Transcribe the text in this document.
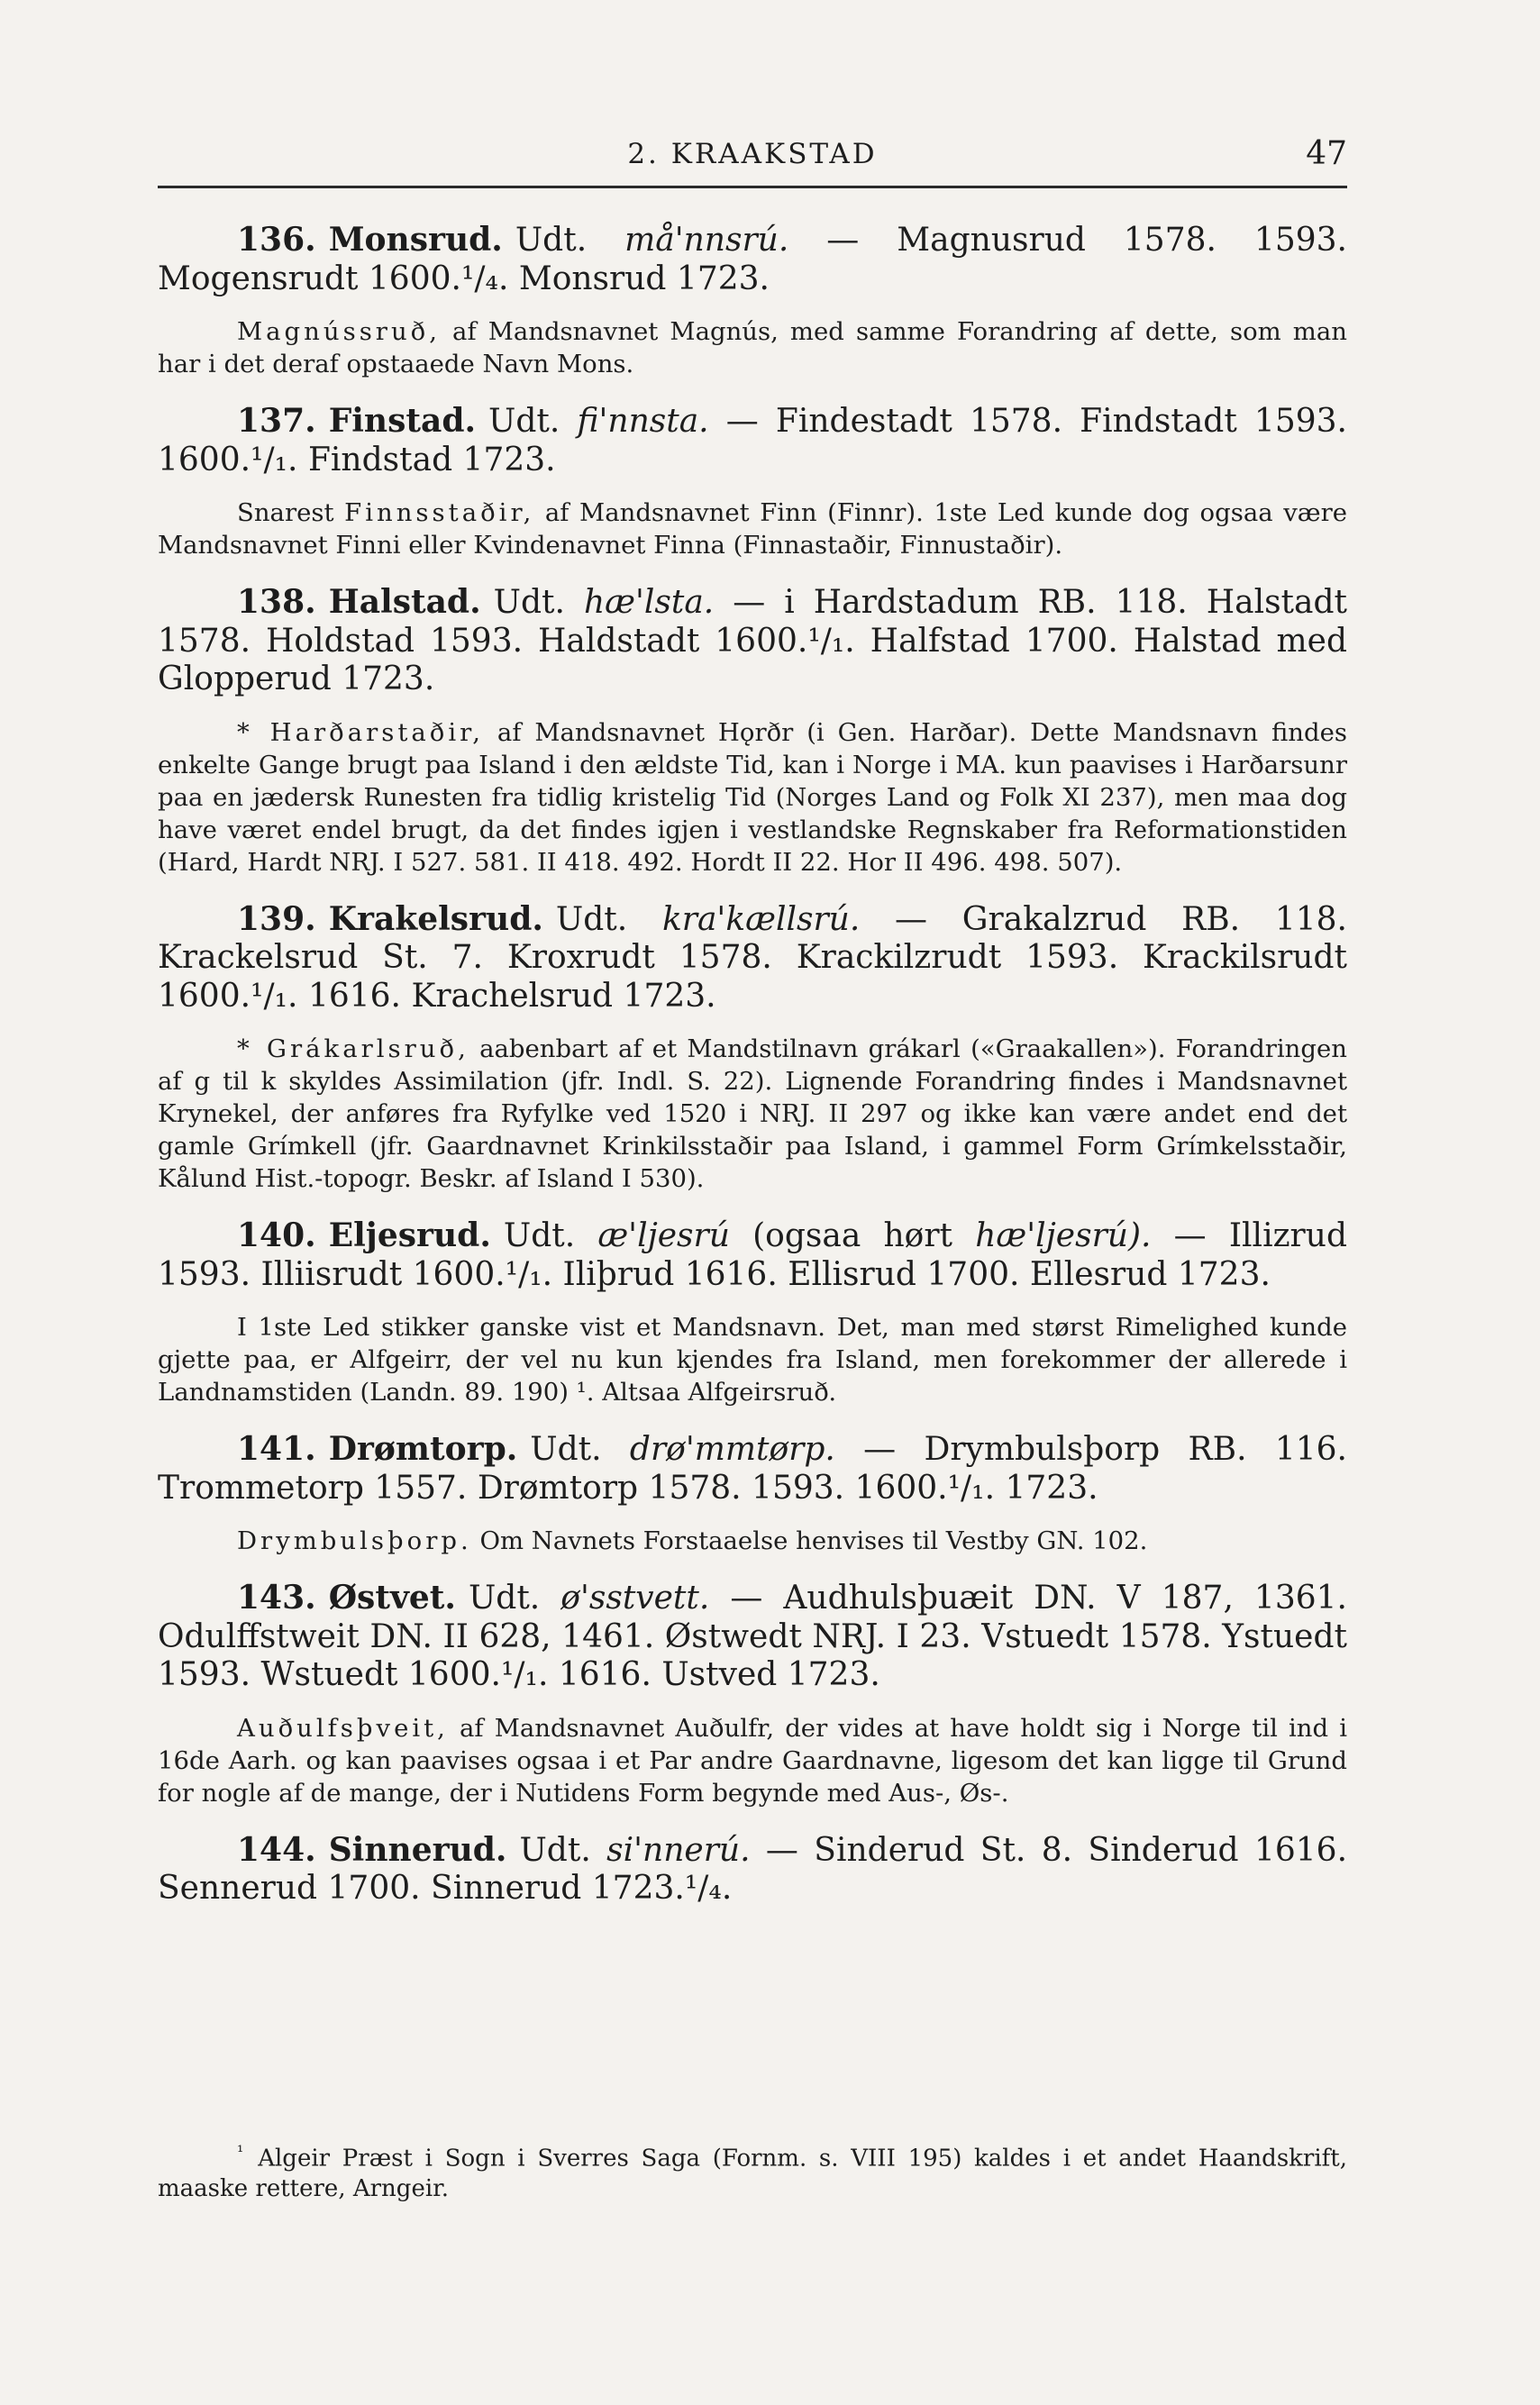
2. KRAAKSTAD	47

136. Monsrud. Udt. må'nnsrú. — Magnusrud 1578. 1593. Mogensrudt 1600.¹/₄. Monsrud 1723.

Magnússruð, af Mandsnavnet Magnús, med samme Forandring af dette, som man har i det deraf opstaaede Navn Mons.

137. Finstad. Udt. fi'nnsta. — Findestadt 1578. Findstadt 1593. 1600.¹/₁. Findstad 1723.

Snarest Finnsstaðir, af Mandsnavnet Finn (Finnr). 1ste Led kunde dog ogsaa være Mandsnavnet Finni eller Kvindenavnet Finna (Finnastaðir, Finnustaðir).

138. Halstad. Udt. hæ'lsta. — i Hardstadum RB. 118. Halstadt 1578. Holdstad 1593. Haldstadt 1600.¹/₁. Halfstad 1700. Halstad med Glopperud 1723.

* Harðarstaðir, af Mandsnavnet Hǫrðr (i Gen. Harðar). Dette Mandsnavn findes enkelte Gange brugt paa Island i den ældste Tid, kan i Norge i MA. kun paavises i Harðarsunr paa en jædersk Runesten fra tidlig kristelig Tid (Norges Land og Folk XI 237), men maa dog have været endel brugt, da det findes igjen i vestlandske Regnskaber fra Reformationstiden (Hard, Hardt NRJ. I 527. 581. II 418. 492. Hordt II 22. Hor II 496. 498. 507).

139. Krakelsrud. Udt. kra'kællsrú. — Grakalzrud RB. 118. Krackelsrud St. 7. Kroxrudt 1578. Krackilzrudt 1593. Krackilsrudt 1600.¹/₁. 1616. Krachelsrud 1723.

* Grákarlsruð, aabenbart af et Mandstilnavn grákarl («Graakallen»). Forandringen af g til k skyldes Assimilation (jfr. Indl. S. 22). Lignende Forandring findes i Mandsnavnet Krynekel, der anføres fra Ryfylke ved 1520 i NRJ. II 297 og ikke kan være andet end det gamle Grímkell (jfr. Gaardnavnet Krinkilsstaðir paa Island, i gammel Form Grímkelsstaðir, Kålund Hist.-topogr. Beskr. af Island I 530).

140. Eljesrud. Udt. æ'ljesrú (ogsaa hørt hæ'ljesrú). — Illizrud 1593. Illiisrudt 1600.¹/₁. Iliþrud 1616. Ellisrud 1700. Ellesrud 1723.

I 1ste Led stikker ganske vist et Mandsnavn. Det, man med størst Rimelighed kunde gjette paa, er Alfgeirr, der vel nu kun kjendes fra Island, men forekommer der allerede i Landnamstiden (Landn. 89. 190) ¹. Altsaa Alfgeirsruð.

141. Drømtorp. Udt. drø'mmtørp. — Drymbulsþorp RB. 116. Trommetorp 1557. Drømtorp 1578. 1593. 1600.¹/₁. 1723.

Drymbulsþorp. Om Navnets Forstaaelse henvises til Vestby GN. 102.

143. Østvet. Udt. ø'sstvett. — Audhulsþuæit DN. V 187, 1361. Odulffstweit DN. II 628, 1461. Østwedt NRJ. I 23. Vstuedt 1578. Ystuedt 1593. Wstuedt 1600.¹/₁. 1616. Ustved 1723.

Auðulfsþveit, af Mandsnavnet Auðulfr, der vides at have holdt sig i Norge til ind i 16de Aarh. og kan paavises ogsaa i et Par andre Gaardnavne, ligesom det kan ligge til Grund for nogle af de mange, der i Nutidens Form begynde med Aus-, Øs-.

144. Sinnerud. Udt. si'nnerú. — Sinderud St. 8. Sinderud 1616. Sennerud 1700. Sinnerud 1723.¹/₄.

$^{^1}$ Algeir Præst i Sogn i Sverres Saga (Fornm. s. VIII 195) kaldes i et andet Haandskrift, maaske rettere, Arngeir.
